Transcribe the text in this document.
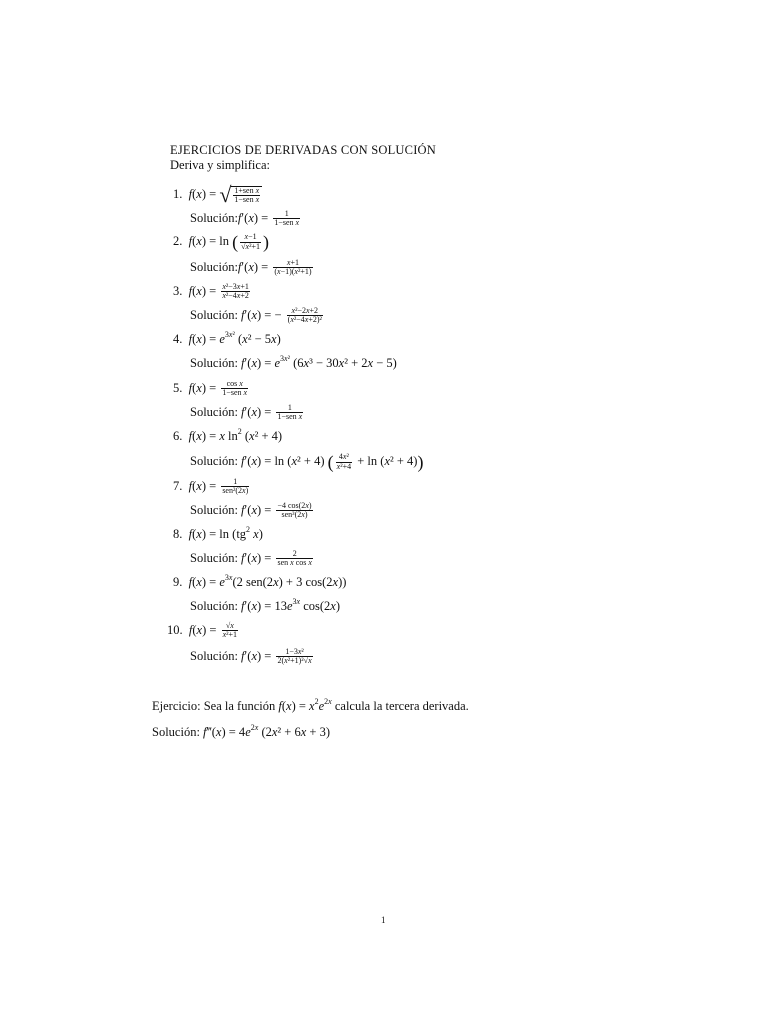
EJERCICIOS DE DERIVADAS CON SOLUCIÓN
Deriva y simplifica:
1. f(x) = √ $\frac{\text{1+sen x}}{\text{1−sen x}}$
Solución:f′(x) = $\frac{1}{\text{1−sen x}}$
2. f(x) = ln ( $\frac{x-1}{\text{√x²+1}}$ )
Solución:f′(x) = $\frac{x+1}{\text{(x−1)(x²+1)}}$
3. $f(x) = \frac{\text{x²−3x+1}}{\text{x²−4x+2}}$
Solución: f′(x) = − $\frac{\text{x²−2x+2}}{\text{(x²−4x+2)²}}$
4. $f(x) = e^{3x^2}$ (x² − 5x)
Solución: $f'(x) = e^{3x^2}$ (6x³ − 30x² + 2x − 5)
5. $f(x) = \frac{\text{cos x}}{\text{1−sen x}}$
Solución: $f'(x) = \frac{1}{\text{1−sen x}}$
6. f(x) = x $\ln^2 (x^2 + 4)$
Solución: f′(x) = ln (x² + 4) ( $\frac{\text{4x²}}{\text{x²+4}} + \ln (x^2 + 4)$)
7. $f(x) = \frac{1}{\text{sen²(2x)}}$
Solución: $f'(x) = \frac{-4 \cos(2x)}{\text{sen³(2x)}}$
8. $f(x) = \ln (tg^2$ x)
Solución: $f'(x) = \frac{2}{\text{sen x cos x}}$
9. $f(x) = e^{3x}(2$ sen(2x) + 3 cos(2x))
Solución: $f'(x) = 13e^{3x}$ cos(2x)
10. $f(x) = \frac{√x}{\text{x²+1}}$
Solución: $f'(x) = \frac{\text{1−3x²}}{\text{2(x²+1)²√x}}$
Ejercicio: Sea la función $f(x) = x^2e^{2x}$ calcula la tercera derivada.
Solución: f‴(x) = $4e^{2x}$ (2x² + 6x + 3)
1
